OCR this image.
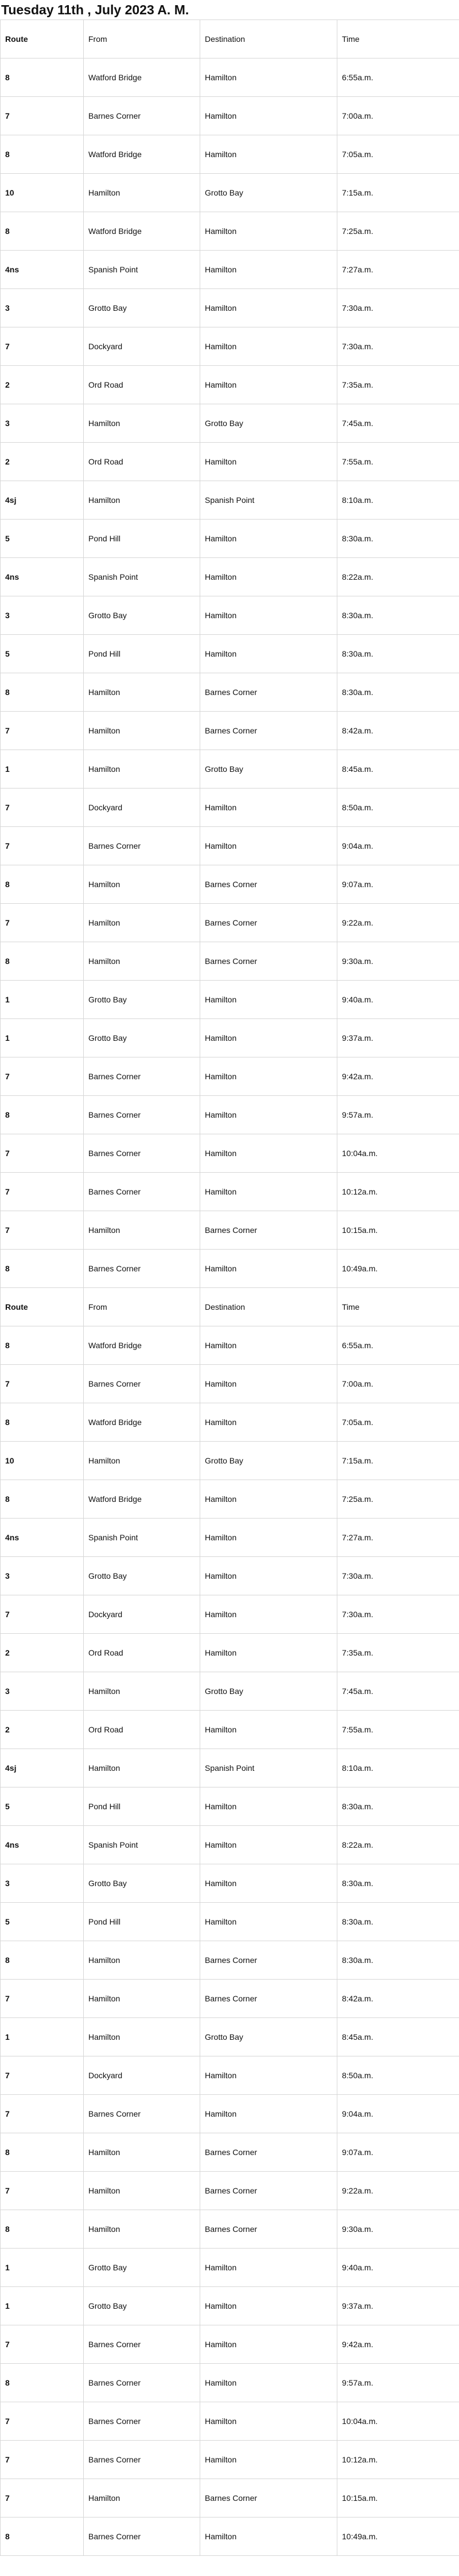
Tuesday 11th , July 2023 A. M.
Route	From	Destination	Time
8	Watford Bridge	Hamilton	6:55a.m.
7	Barnes Corner	Hamilton	7:00a.m.
8	Watford Bridge	Hamilton	7:05a.m.
10	Hamilton	Grotto Bay	7:15a.m.
8	Watford Bridge	Hamilton	7:25a.m.
4ns	Spanish Point	Hamilton	7:27a.m.
3	Grotto Bay	Hamilton	7:30a.m.
7	Dockyard	Hamilton	7:30a.m.
2	Ord Road	Hamilton	7:35a.m.
3	Hamilton	Grotto Bay	7:45a.m.
2	Ord Road	Hamilton	7:55a.m.
4sj	Hamilton	Spanish Point	8:10a.m.
5	Pond Hill	Hamilton	8:30a.m.
4ns	Spanish Point	Hamilton	8:22a.m.
3	Grotto Bay	Hamilton	8:30a.m.
5	Pond Hill	Hamilton	8:30a.m.
8	Hamilton	Barnes Corner	8:30a.m.
7	Hamilton	Barnes Corner	8:42a.m.
1	Hamilton	Grotto Bay	8:45a.m.
7	Dockyard	Hamilton	8:50a.m.
7	Barnes Corner	Hamilton	9:04a.m.
8	Hamilton	Barnes Corner	9:07a.m.
7	Hamilton	Barnes Corner	9:22a.m.
8	Hamilton	Barnes Corner	9:30a.m.
1	Grotto Bay	Hamilton	9:40a.m.
1	Grotto Bay	Hamilton	9:37a.m.
7	Barnes Corner	Hamilton	9:42a.m.
8	Barnes Corner	Hamilton	9:57a.m.
7	Barnes Corner	Hamilton	10:04a.m.
7	Barnes Corner	Hamilton	10:12a.m.
7	Hamilton	Barnes Corner	10:15a.m.
8	Barnes Corner	Hamilton	10:49a.m.
Route	From	Destination	Time
8	Watford Bridge	Hamilton	6:55a.m.
7	Barnes Corner	Hamilton	7:00a.m.
8	Watford Bridge	Hamilton	7:05a.m.
10	Hamilton	Grotto Bay	7:15a.m.
8	Watford Bridge	Hamilton	7:25a.m.
4ns	Spanish Point	Hamilton	7:27a.m.
3	Grotto Bay	Hamilton	7:30a.m.
7	Dockyard	Hamilton	7:30a.m.
2	Ord Road	Hamilton	7:35a.m.
3	Hamilton	Grotto Bay	7:45a.m.
2	Ord Road	Hamilton	7:55a.m.
4sj	Hamilton	Spanish Point	8:10a.m.
5	Pond Hill	Hamilton	8:30a.m.
4ns	Spanish Point	Hamilton	8:22a.m.
3	Grotto Bay	Hamilton	8:30a.m.
5	Pond Hill	Hamilton	8:30a.m.
8	Hamilton	Barnes Corner	8:30a.m.
7	Hamilton	Barnes Corner	8:42a.m.
1	Hamilton	Grotto Bay	8:45a.m.
7	Dockyard	Hamilton	8:50a.m.
7	Barnes Corner	Hamilton	9:04a.m.
8	Hamilton	Barnes Corner	9:07a.m.
7	Hamilton	Barnes Corner	9:22a.m.
8	Hamilton	Barnes Corner	9:30a.m.
1	Grotto Bay	Hamilton	9:40a.m.
1	Grotto Bay	Hamilton	9:37a.m.
7	Barnes Corner	Hamilton	9:42a.m.
8	Barnes Corner	Hamilton	9:57a.m.
7	Barnes Corner	Hamilton	10:04a.m.
7	Barnes Corner	Hamilton	10:12a.m.
7	Hamilton	Barnes Corner	10:15a.m.
8	Barnes Corner	Hamilton	10:49a.m.
